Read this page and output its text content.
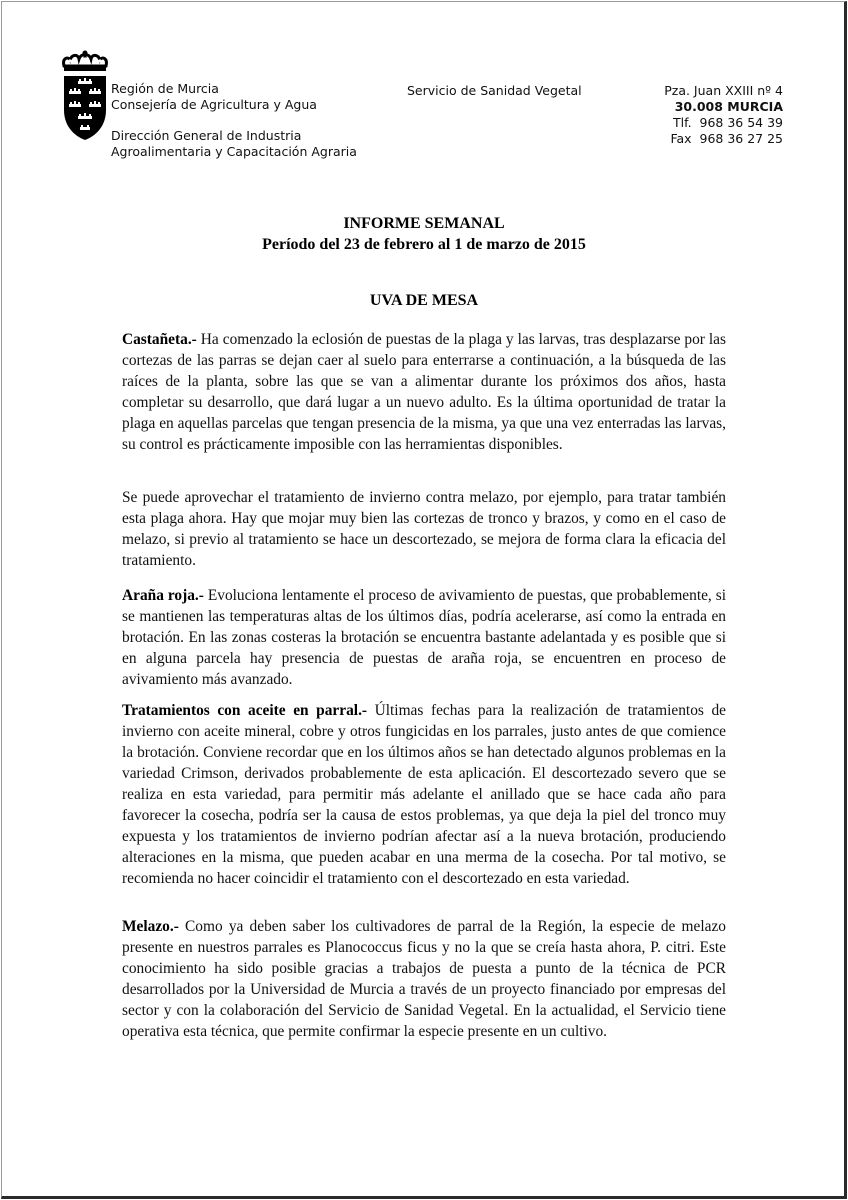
Región de Murcia
Consejería de Agricultura y Agua
Dirección General de Industria
Agroalimentaria y Capacitación Agraria
Servicio de Sanidad Vegetal	Pza. Juan XXIII nº 4
30.008 MURCIA
Tlf.  968 36 54 39
Fax  968 36 27 25
INFORME SEMANAL
Período del 23 de febrero al 1 de marzo de 2015
UVA DE MESA

Castañeta.- Ha comenzado la eclosión de puestas de la plaga y las larvas, tras desplazarse por las cortezas de las parras se dejan caer al suelo para enterrarse a continuación, a la búsqueda de las raíces de la planta, sobre las que se van a alimentar durante los próximos dos años, hasta completar su desarrollo, que dará lugar a un nuevo adulto. Es la última oportunidad de tratar la plaga en aquellas parcelas que tengan presencia de la misma, ya que una vez enterradas las larvas, su control es prácticamente imposible con las herramientas disponibles.

Se puede aprovechar el tratamiento de invierno contra melazo, por ejemplo, para tratar también esta plaga ahora. Hay que mojar muy bien las cortezas de tronco y brazos, y como en el caso de melazo, si previo al tratamiento se hace un descortezado, se mejora de forma clara la eficacia del tratamiento.

Araña roja.- Evoluciona lentamente el proceso de avivamiento de puestas, que probablemente, si se mantienen las temperaturas altas de los últimos días, podría acelerarse, así como la entrada en brotación. En las zonas costeras la brotación se encuentra bastante adelantada y es posible que si en alguna parcela hay presencia de puestas de araña roja, se encuentren en proceso de avivamiento más avanzado.

Tratamientos con aceite en parral.- Últimas fechas para la realización de tratamientos de invierno con aceite mineral, cobre y otros fungicidas en los parrales, justo antes de que comience la brotación. Conviene recordar que en los últimos años se han detectado algunos problemas en la variedad Crimson, derivados probablemente de esta aplicación. El descortezado severo que se realiza en esta variedad, para permitir más adelante el anillado que se hace cada año para favorecer la cosecha, podría ser la causa de estos problemas, ya que deja la piel del tronco muy expuesta y los tratamientos de invierno podrían afectar así a la nueva brotación, produciendo alteraciones en la misma, que pueden acabar en una merma de la cosecha. Por tal motivo, se recomienda no hacer coincidir el tratamiento con el descortezado en esta variedad.

Melazo.- Como ya deben saber los cultivadores de parral de la Región, la especie de melazo presente en nuestros parrales es Planococcus ficus y no la que se creía hasta ahora, P. citri. Este conocimiento ha sido posible gracias a trabajos de puesta a punto de la técnica de PCR desarrollados por la Universidad de Murcia a través de un proyecto financiado por empresas del sector y con la colaboración del Servicio de Sanidad Vegetal. En la actualidad, el Servicio tiene operativa esta técnica, que permite confirmar la especie presente en un cultivo.
